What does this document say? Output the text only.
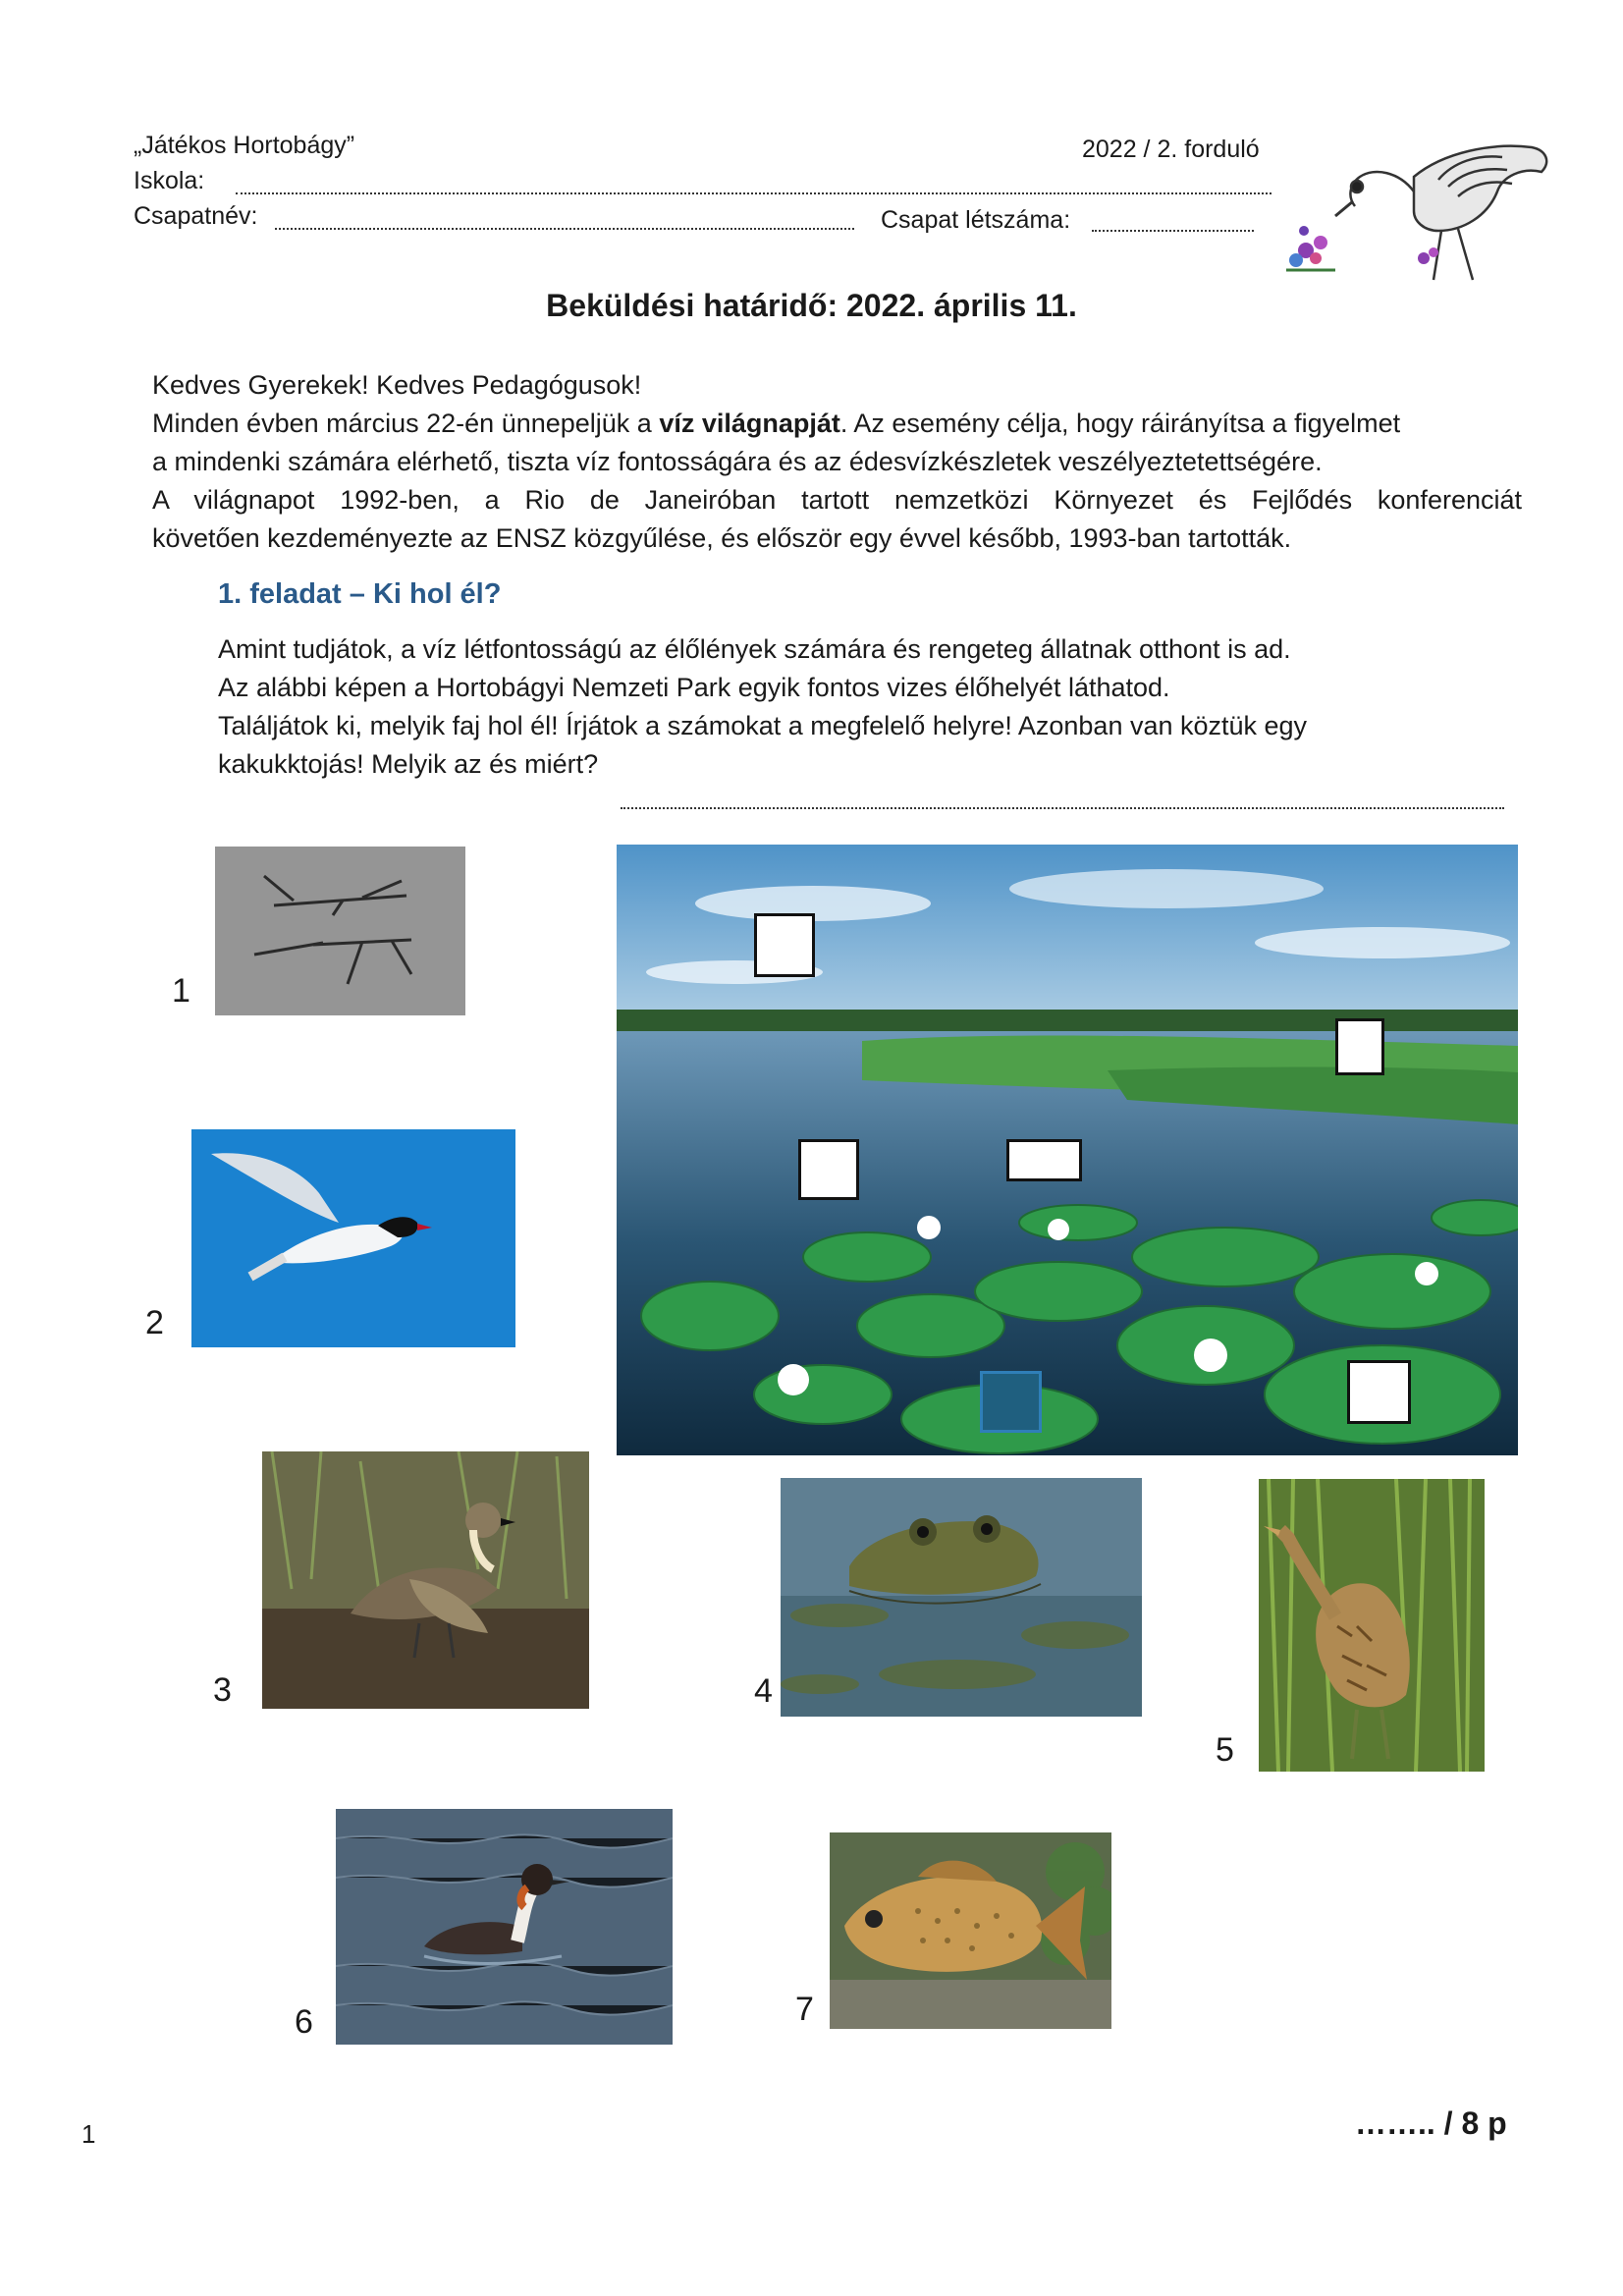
„Játékos Hortobágy”	2022 / 2. forduló
Iskola:
Csapatnév:	Csapat létszáma:
Beküldési határidő: 2022. április 11.
Kedves Gyerekek! Kedves Pedagógusok!
Minden évben március 22-én ünnepeljük a víz világnapját. Az esemény célja, hogy ráirányítsa a figyelmet
a mindenki számára elérhető, tiszta víz fontosságára és az édesvízkészletek veszélyeztetettségére.
A világnapot 1992-ben, a Rio de Janeiróban tartott nemzetközi Környezet és Fejlődés konferenciát
követően kezdeményezte az ENSZ közgyűlése, és először egy évvel később, 1993-ban tartották.
1. feladat – Ki hol él?
Amint tudjátok, a víz létfontosságú az élőlények számára és rengeteg állatnak otthont is ad.
Az alábbi képen a Hortobágyi Nemzeti Park egyik fontos vizes élőhelyét láthatod.
Találjátok ki, melyik faj hol él! Írjátok a számokat a megfelelő helyre! Azonban van köztük egy
kakukktojás! Melyik az és miért?
1
2
3	4
5
6	7
1	…….. / 8 p
